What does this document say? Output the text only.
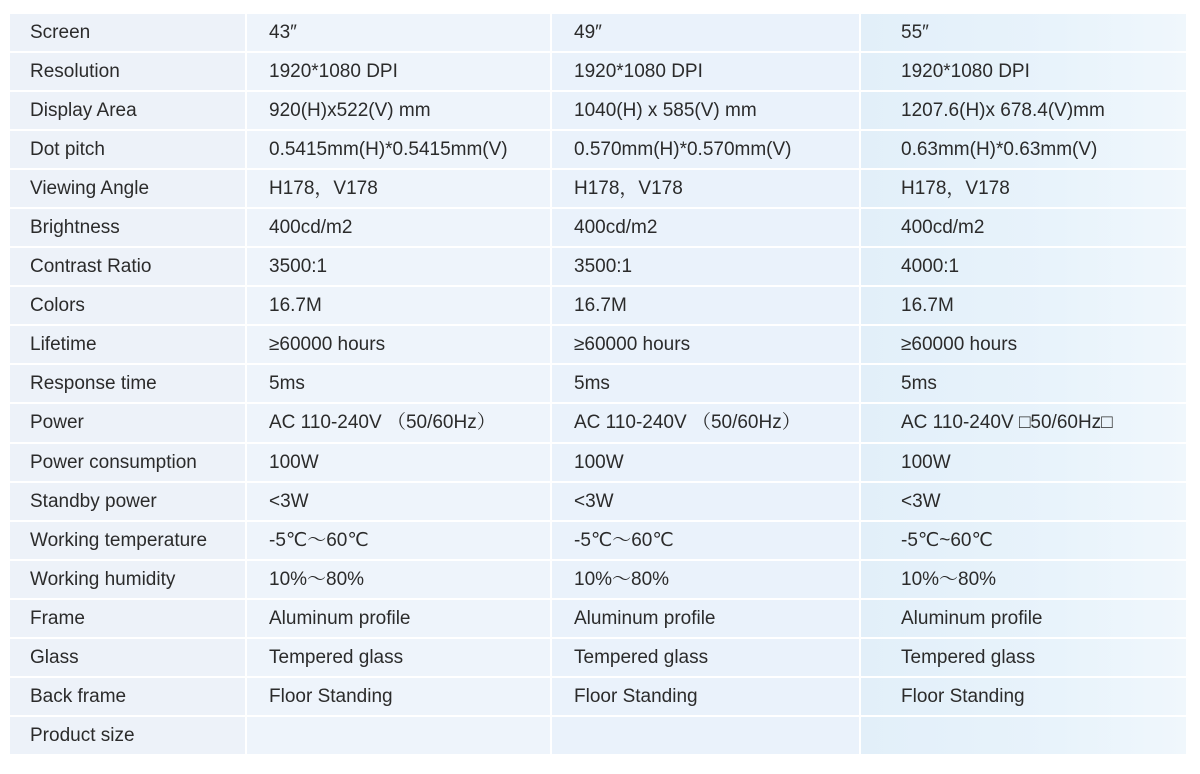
Screen	43″	49″	55″
Resolution	1920*1080 DPI	1920*1080 DPI	1920*1080 DPI
Display Area	920(H)x522(V) mm	1040(H) x 585(V) mm	1207.6(H)x 678.4(V)mm
Dot pitch	0.5415mm(H)*0.5415mm(V)	0.570mm(H)*0.570mm(V)	0.63mm(H)*0.63mm(V)
Viewing Angle	H178，V178	H178，V178	H178，V178
Brightness	400cd/m2	400cd/m2	400cd/m2
Contrast Ratio	3500:1	3500:1	4000:1
Colors	16.7M	16.7M	16.7M
Lifetime	≥60000 hours	≥60000 hours	≥60000 hours
Response time	5ms	5ms	5ms
Power	AC 110-240V （50/60Hz）	AC 110-240V （50/60Hz）	AC 110-240V □50/60Hz□
Power consumption	100W	100W	100W
Standby power	<3W	<3W	<3W
Working temperature	-5℃～60℃	-5℃～60℃	-5℃~60℃
Working humidity	10%～80%	10%～80%	10%～80%
Frame	Aluminum profile	Aluminum profile	Aluminum profile
Glass	Tempered glass	Tempered glass	Tempered glass
Back frame	Floor Standing	Floor Standing	Floor Standing
Product size			
